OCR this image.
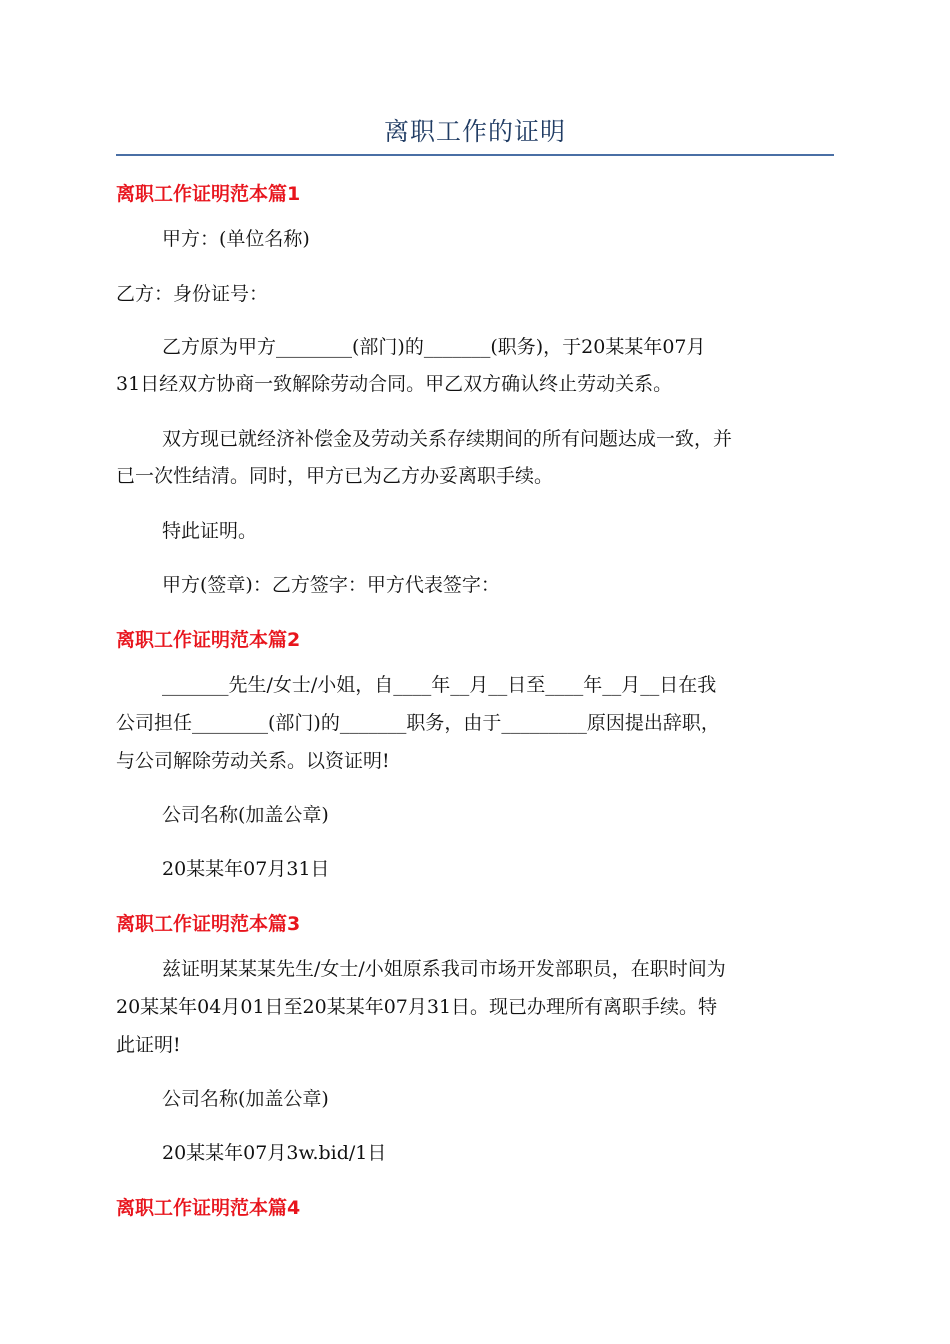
离职工作的证明
离职工作证明范本篇1
甲方：(单位名称)
乙方：身份证号：
乙方原为甲方________(部门)的_______(职务)，于20某某年07月
31日经双方协商一致解除劳动合同。甲乙双方确认终止劳动关系。
双方现已就经济补偿金及劳动关系存续期间的所有问题达成一致，并
已一次性结清。同时，甲方已为乙方办妥离职手续。
特此证明。
甲方(签章)：乙方签字：甲方代表签字：
离职工作证明范本篇2
_______先生/女士/小姐，自____年__月__日至____年__月__日在我
公司担任________(部门)的_______职务，由于_________原因提出辞职，
与公司解除劳动关系。以资证明!
公司名称(加盖公章)
20某某年07月31日
离职工作证明范本篇3
兹证明某某某先生/女士/小姐原系我司市场开发部职员，在职时间为
20某某年04月01日至20某某年07月31日。现已办理所有离职手续。特
此证明!
公司名称(加盖公章)
20某某年07月3w.bid/1日
离职工作证明范本篇4
